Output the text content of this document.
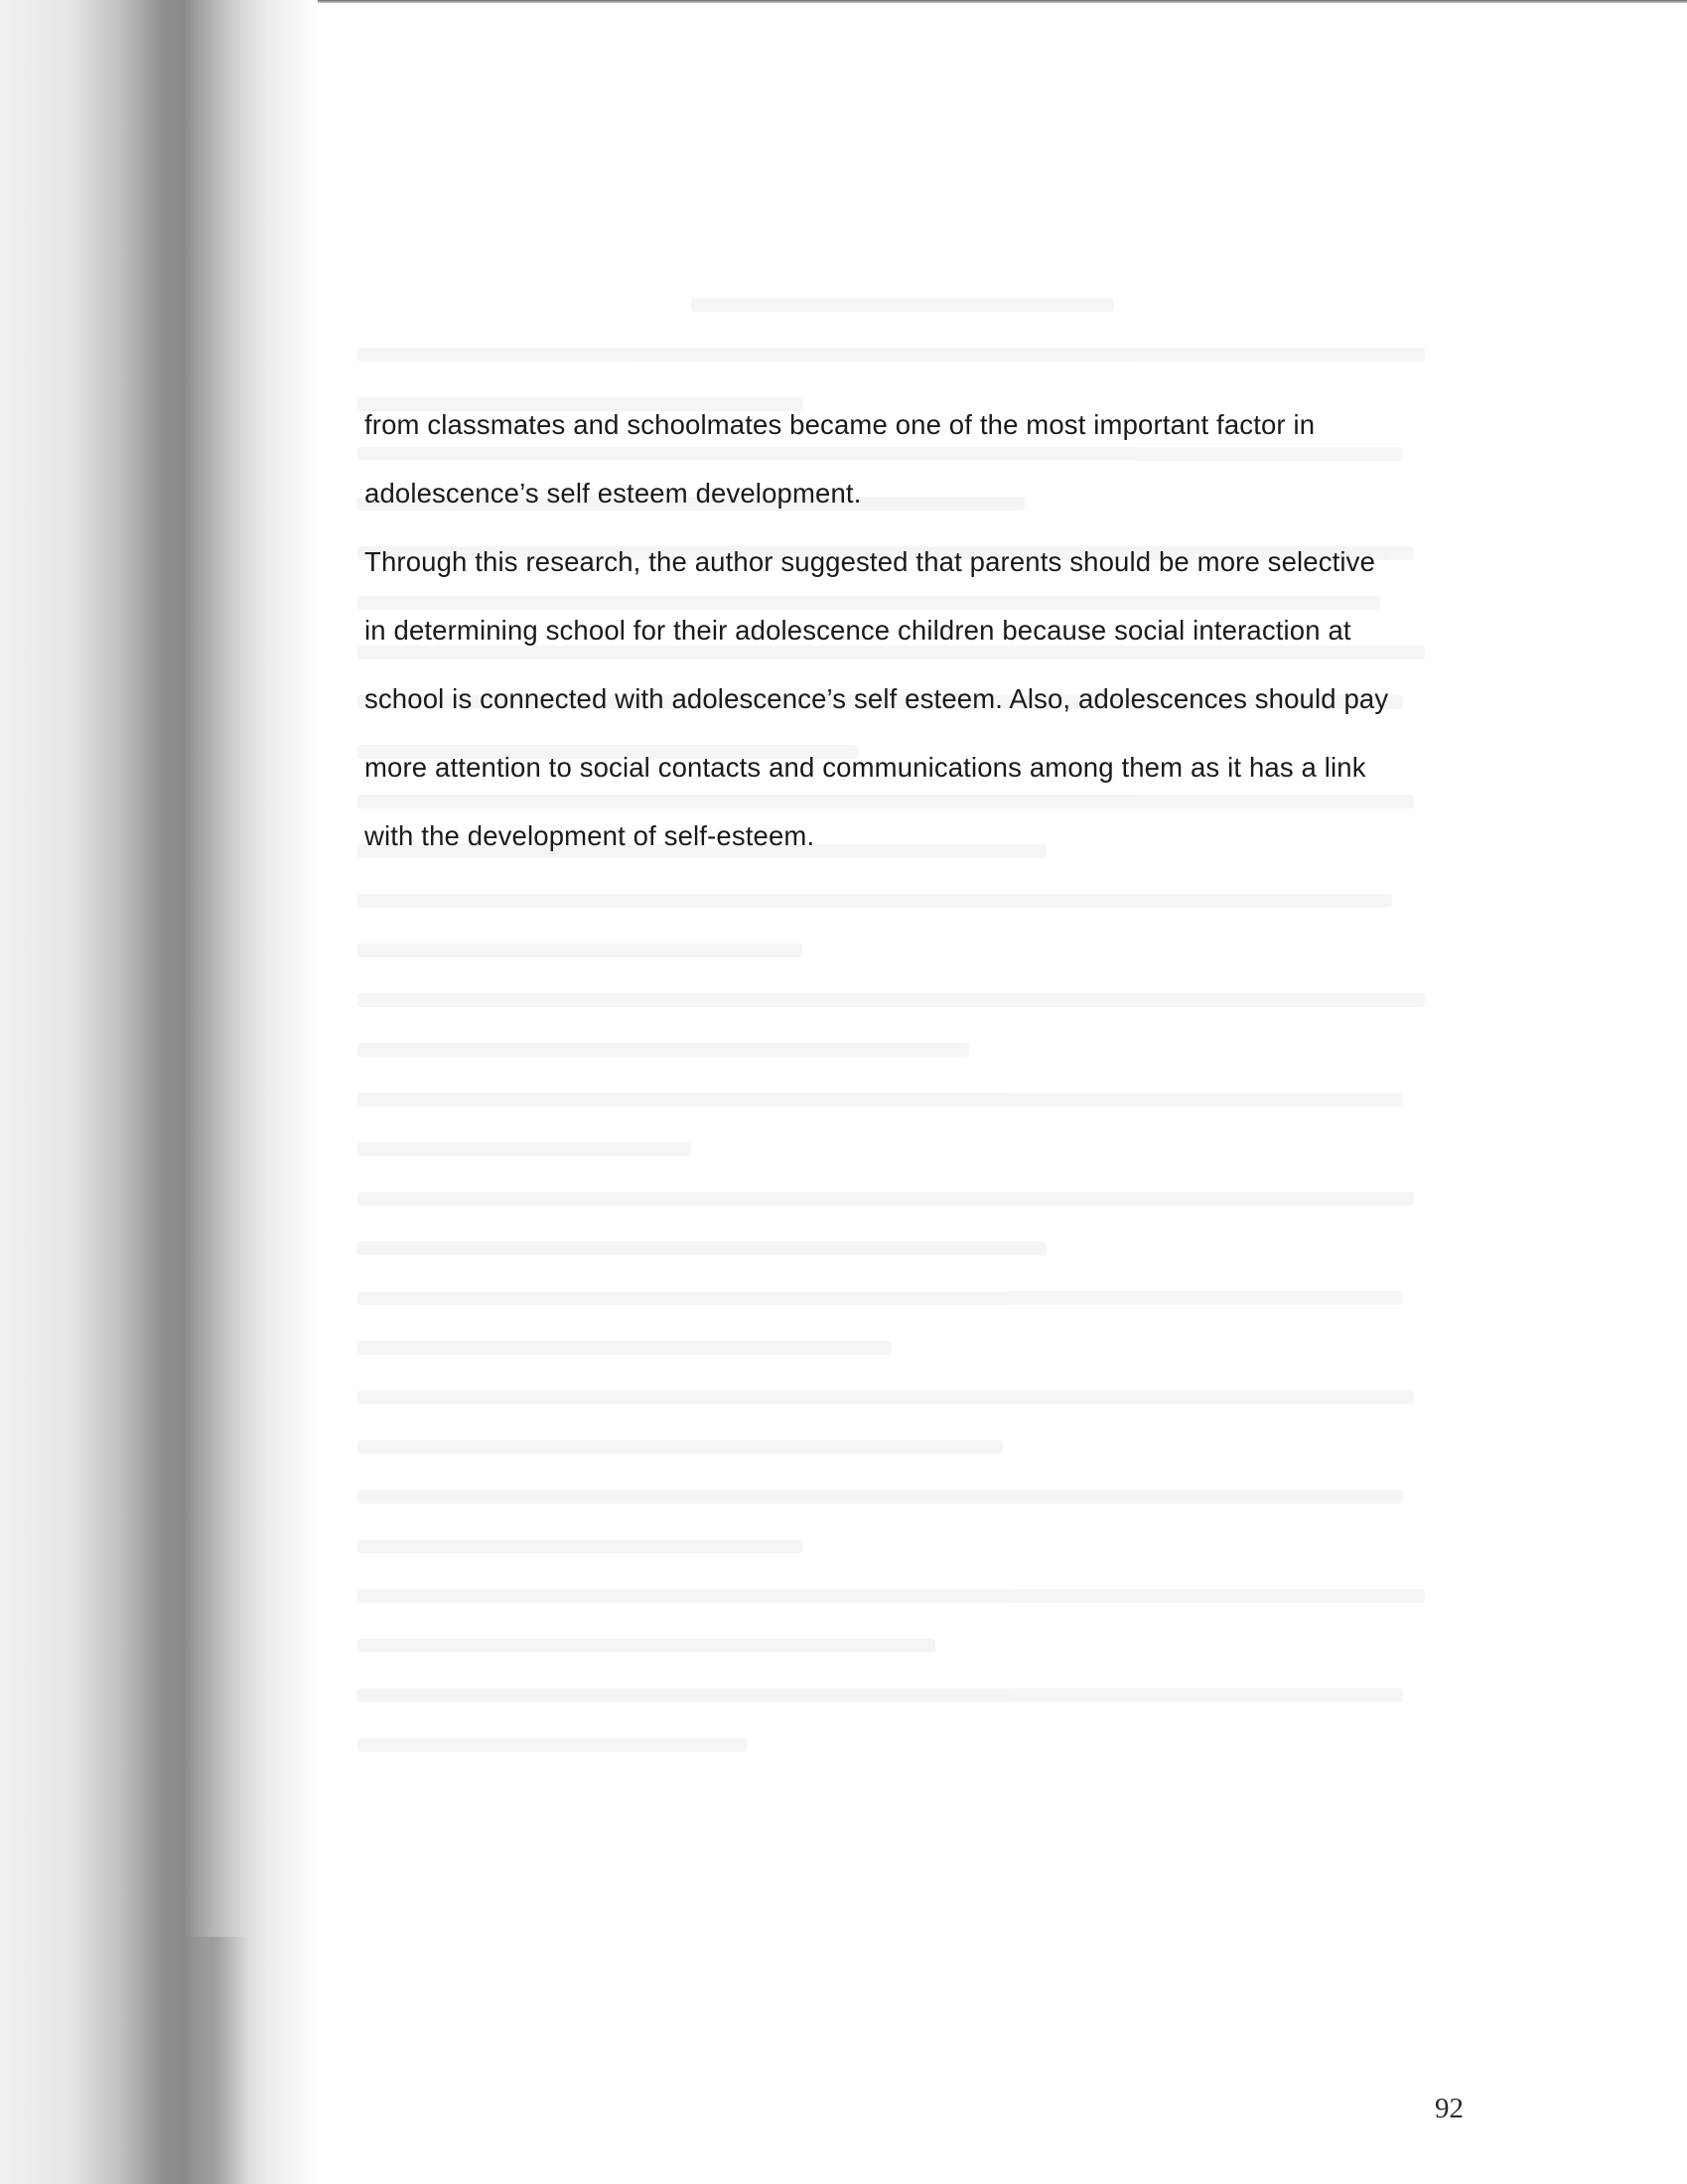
from classmates and schoolmates became one of the most important factor in
adolescence’s self esteem development.
Through this research, the author suggested that parents should be more selective
in determining school for their adolescence children because social interaction at
school is connected with adolescence’s self esteem. Also, adolescences should pay
more attention to social contacts and communications among them as it has a link
with the development of self-esteem.
92
